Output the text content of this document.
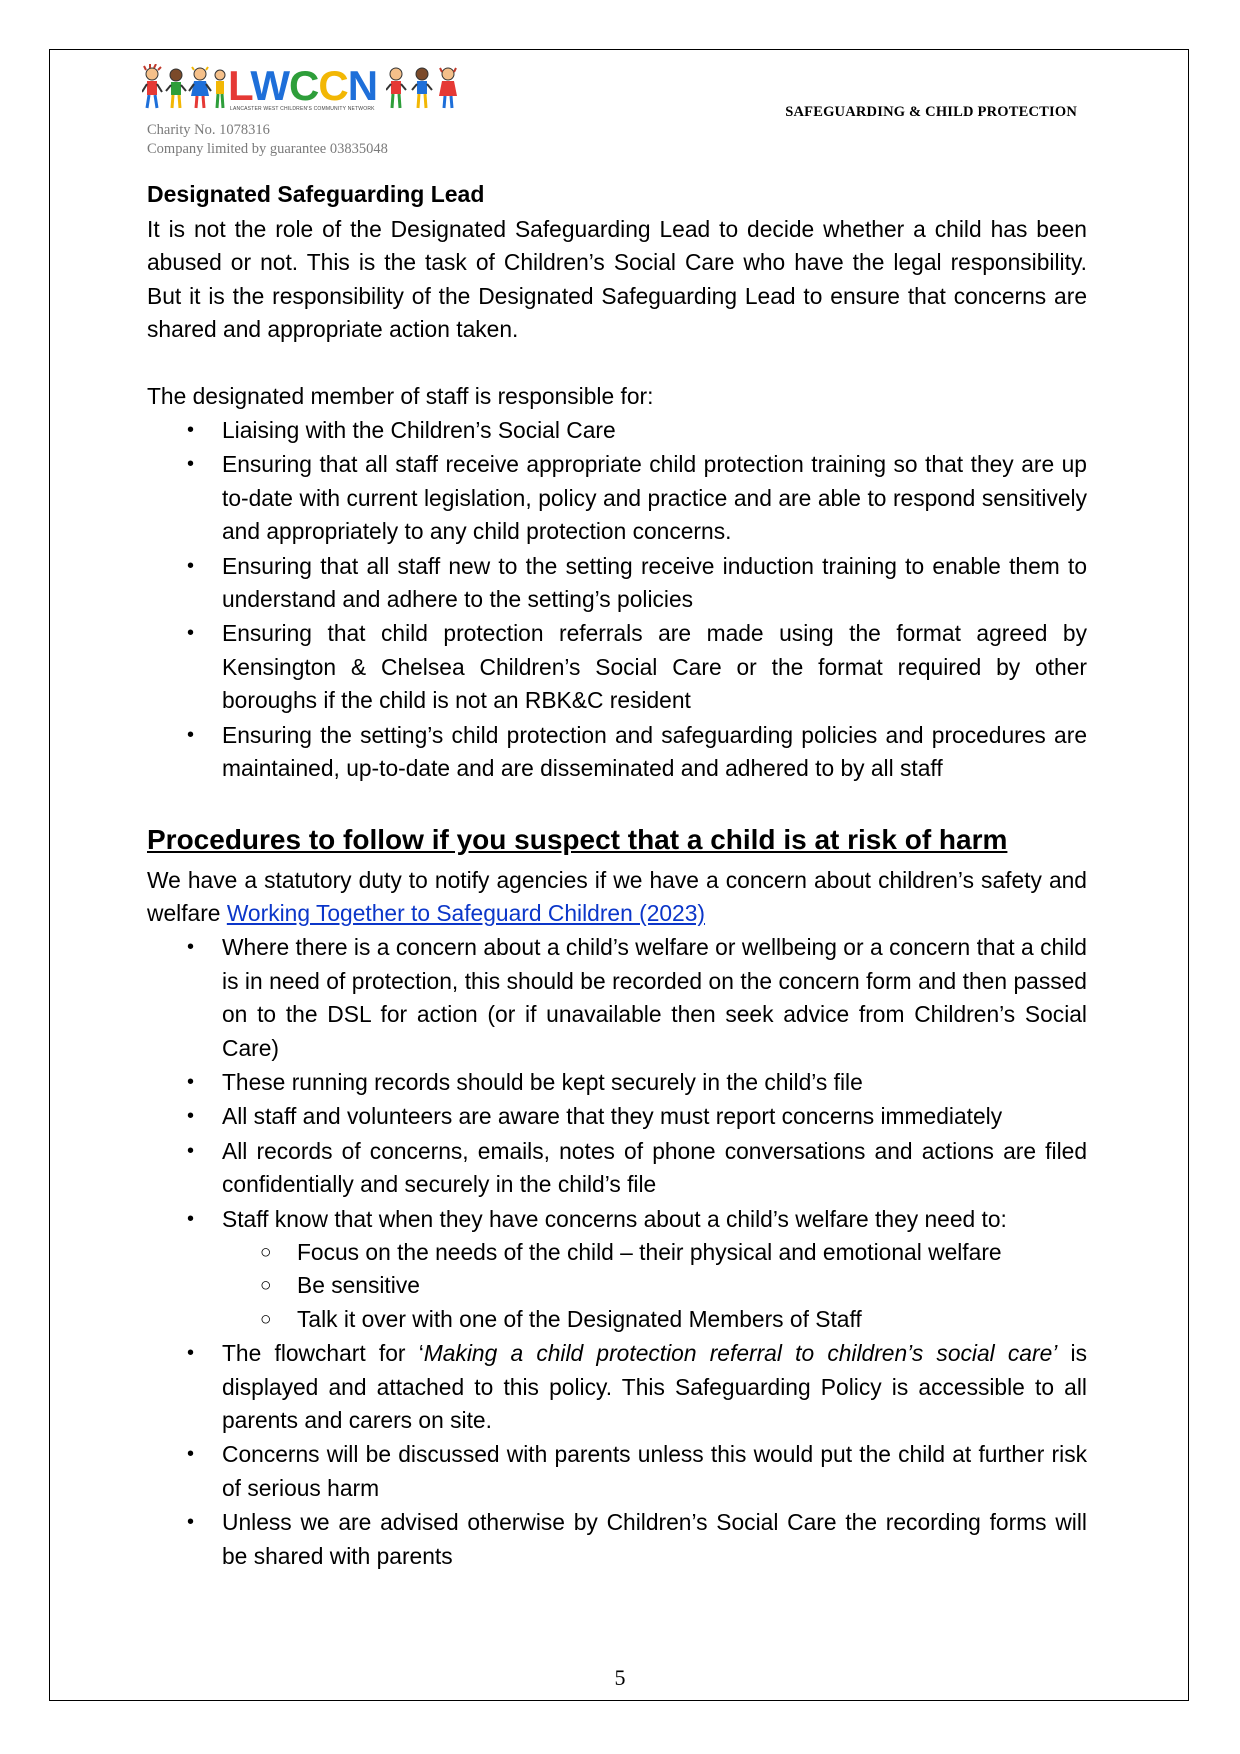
LWCCN
LANCASTER WEST CHILDREN'S COMMUNITY NETWORK
Charity No. 1078316
Company limited by guarantee 03835048
SAFEGUARDING & CHILD PROTECTION
Designated Safeguarding Lead

It is not the role of the Designated Safeguarding Lead to decide whether a child has been abused or not. This is the task of Children’s Social Care who have the legal responsibility. But it is the responsibility of the Designated Safeguarding Lead to ensure that concerns are shared and appropriate action taken.

The designated member of staff is responsible for:

• Liaising with the Children’s Social Care
• Ensuring that all staff receive appropriate child protection training so that they are up to-date with current legislation, policy and practice and are able to respond sensitively and appropriately to any child protection concerns.
• Ensuring that all staff new to the setting receive induction training to enable them to understand and adhere to the setting’s policies
• Ensuring that child protection referrals are made using the format agreed by Kensington & Chelsea Children’s Social Care or the format required by other boroughs if the child is not an RBK&C resident
• Ensuring the setting’s child protection and safeguarding policies and procedures are maintained, up-to-date and are disseminated and adhered to by all staff
Procedures to follow if you suspect that a child is at risk of harm

We have a statutory duty to notify agencies if we have a concern about children’s safety and welfare Working Together to Safeguard Children (2023)

• Where there is a concern about a child’s welfare or wellbeing or a concern that a child is in need of protection, this should be recorded on the concern form and then passed on to the DSL for action (or if unavailable then seek advice from Children’s Social Care)
• These running records should be kept securely in the child’s file
• All staff and volunteers are aware that they must report concerns immediately
• All records of concerns, emails, notes of phone conversations and actions are filed confidentially and securely in the child’s file
• Staff know that when they have concerns about a child’s welfare they need to:
○ Focus on the needs of the child – their physical and emotional welfare
○ Be sensitive
○ Talk it over with one of the Designated Members of Staff
• The flowchart for ‘Making a child protection referral to children’s social care’ is displayed and attached to this policy. This Safeguarding Policy is accessible to all parents and carers on site.
• Concerns will be discussed with parents unless this would put the child at further risk of serious harm
• Unless we are advised otherwise by Children’s Social Care the recording forms will be shared with parents
5
